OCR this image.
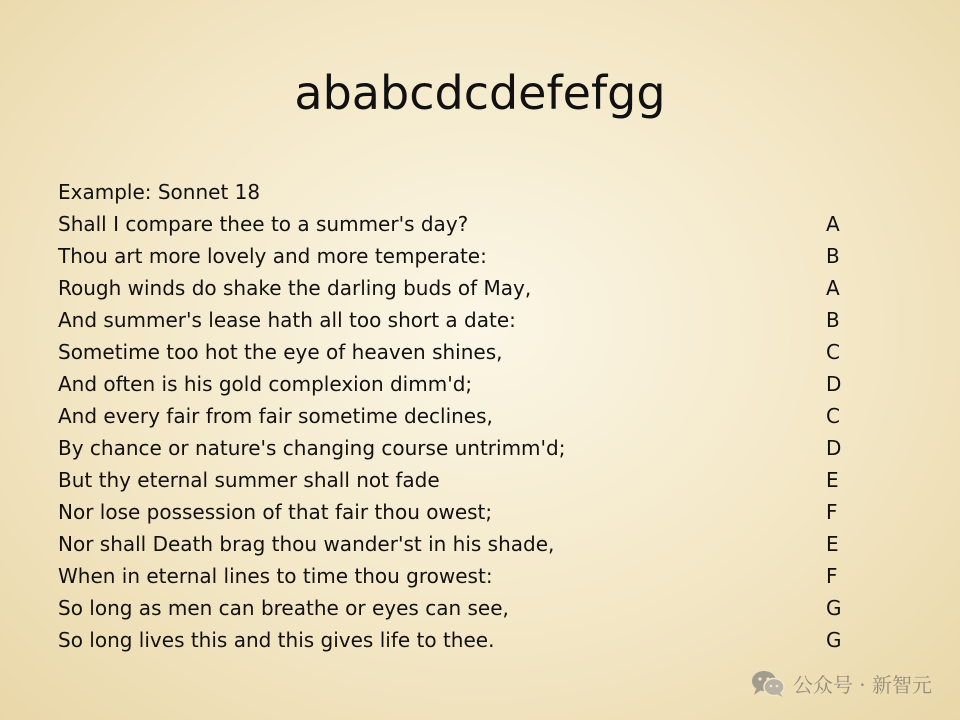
ababcdcdefefgg
Example: Sonnet 18
Shall I compare thee to a summer's day?	A
Thou art more lovely and more temperate:	B
Rough winds do shake the darling buds of May,	A
And summer's lease hath all too short a date:	B
Sometime too hot the eye of heaven shines,	C
And often is his gold complexion dimm'd;	D
And every fair from fair sometime declines,	C
By chance or nature's changing course untrimm'd;	D
But thy eternal summer shall not fade	E
Nor lose possession of that fair thou owest;	F
Nor shall Death brag thou wander'st in his shade,	E
When in eternal lines to time thou growest:	F
So long as men can breathe or eyes can see,	G
So long lives this and this gives life to thee.	G
公众号 · 新智元
